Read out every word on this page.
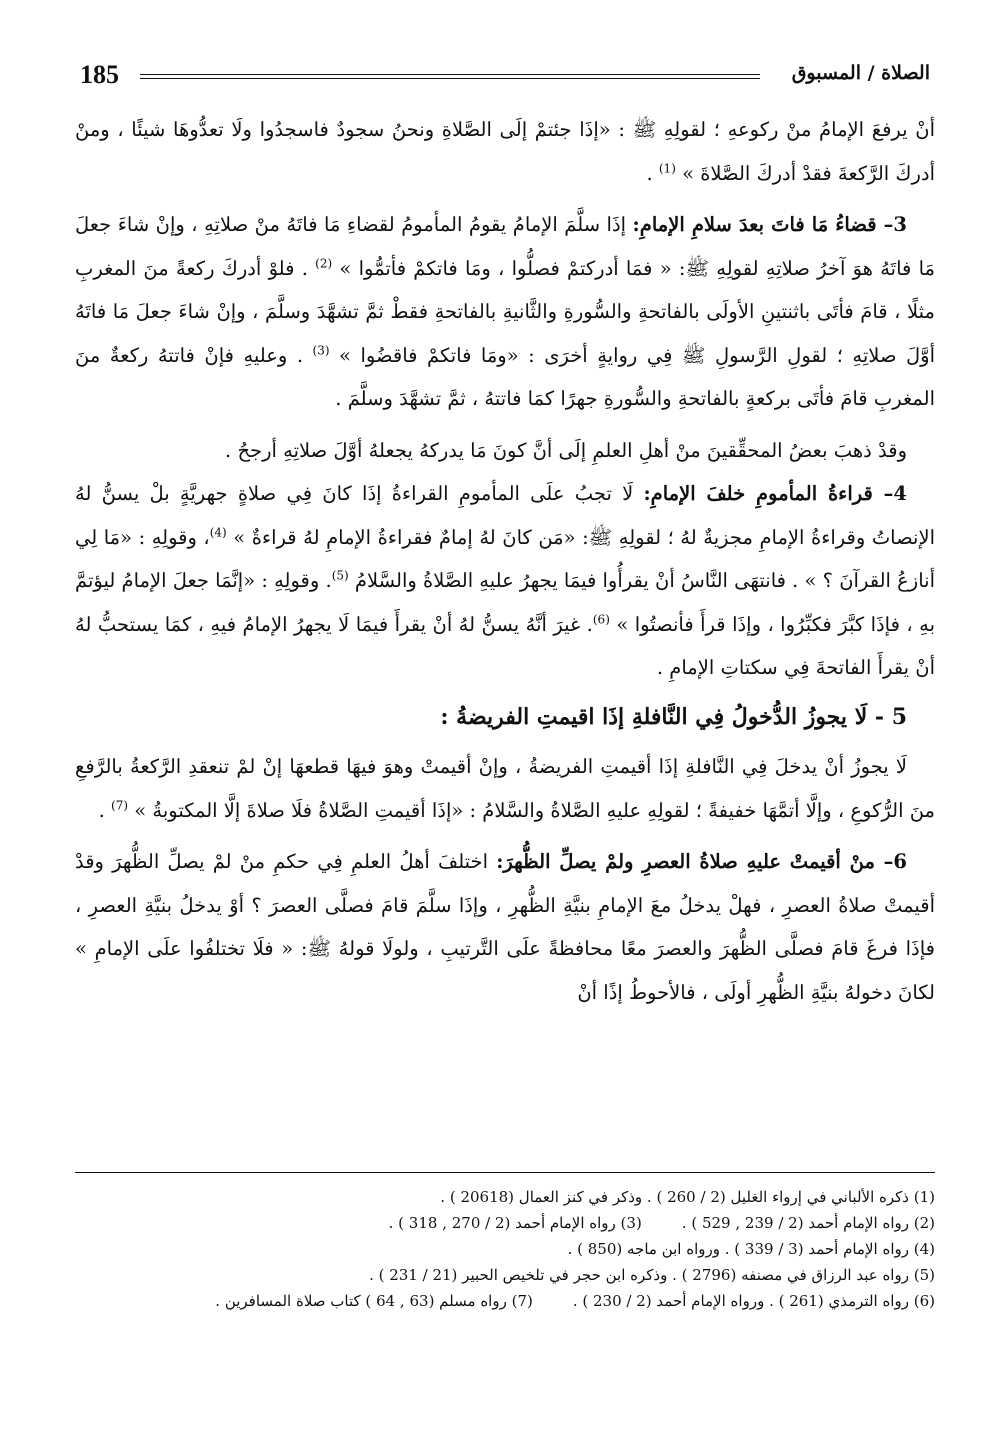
الصلاة / المسبوق
185

أنْ يرفعَ الإمامُ منْ ركوعهِ ؛ لقولِهِ ﷺ : «إذَا جئتمْ إلَى الصَّلاةِ ونحنُ سجودٌ فاسجدُوا ولَا تعدُّوهَا شيئًا ، ومنْ أدركَ الرَّكعةَ فقدْ أدركَ الصَّلاةَ » $^{(1)}$ .

3– قضاءُ مَا فاتَ بعدَ سلامِ الإمامِ: إذَا سلَّمَ الإمامُ يقومُ المأمومُ لقضاءِ مَا فاتَهُ منْ صلاتِهِ ، وإنْ شاءَ جعلَ مَا فاتَهُ هوَ آخرُ صلاتِهِ لقولِهِ ﷺ: « فمَا أدركتمْ فصلُّوا ، ومَا فاتكمْ فأتمُّوا » $^{(2)}$ . فلوْ أدركَ ركعةً منَ المغربِ مثلًا ، قامَ فأتَى باثنتينِ الأولَى بالفاتحةِ والسُّورةِ والثَّانيةِ بالفاتحةِ فقطْ ثمَّ تشهَّدَ وسلَّمَ ، وإنْ شاءَ جعلَ مَا فاتَهُ أوَّلَ صلاتِهِ ؛ لقولِ الرَّسولِ ﷺ فِي روايةٍ أخرَى : «ومَا فاتكمْ فاقضُوا » $^{(3)}$ . وعليهِ فإنْ فاتتهُ ركعةٌ منَ المغربِ قامَ فأتَى بركعةٍ بالفاتحةِ والسُّورةِ جهرًا كمَا فاتتهُ ، ثمَّ تشهَّدَ وسلَّمَ .

وقدْ ذهبَ بعضُ المحقِّقينَ منْ أهلِ العلمِ إلَى أنَّ كونَ مَا يدركهُ يجعلهُ أوَّلَ صلاتِهِ أرجحُ .

4– قراءةُ المأمومِ خلفَ الإمامِ: لَا تجبُ علَى المأمومِ القراءةُ إذَا كانَ فِي صلاةٍ جهريَّةٍ بلْ يسنُّ لهُ الإنصاتُ وقراءةُ الإمامِ مجزيةٌ لهُ ؛ لقولِهِ ﷺ: «مَن كانَ لهُ إمامٌ فقراءةُ الإمامِ لهُ قراءةٌ » $^{(4)}$، وقولِهِ : «مَا لِي أنازعُ القرآنَ ؟ » . فانتهَى النَّاسُ أنْ يقرأُوا فيمَا يجهرُ عليهِ الصَّلاةُ والسَّلامُ $^{(5)}$. وقولِهِ : «إنَّمَا جعلَ الإمامُ ليؤتمَّ بهِ ، فإذَا كبَّرَ فكبِّرُوا ، وإذَا قرأَ فأنصتُوا » $^{(6)}$. غيرَ أنَّهُ يسنُّ لهُ أنْ يقرأَ فيمَا لَا يجهرُ الإمامُ فيهِ ، كمَا يستحبُّ لهُ أنْ يقرأَ الفاتحةَ فِي سكتاتِ الإمامِ .

5 - لَا يجوزُ الدُّخولُ فِي النَّافلةِ إذَا اقيمتِ الفريضةُ :

لَا يجوزُ أنْ يدخلَ فِي النَّافلةِ إذَا أقيمتِ الفريضةُ ، وإنْ أقيمتْ وهوَ فيهَا قطعهَا إنْ لمْ تنعقدِ الرَّكعةُ بالرَّفعِ منَ الرُّكوعِ ، وإلَّا أتمَّهَا خفيفةً ؛ لقولِهِ عليهِ الصَّلاةُ والسَّلامُ : «إذَا أقيمتِ الصَّلاةُ فلَا صلاةَ إلَّا المكتوبةُ » $^{(7)}$ .

6– منْ أقيمتْ عليهِ صلاةُ العصرِ ولمْ يصلِّ الظُّهرَ: اختلفَ أهلُ العلمِ فِي حكمِ منْ لمْ يصلِّ الظُّهرَ وقدْ أقيمتْ صلاةُ العصرِ ، فهلْ يدخلُ معَ الإمامِ بنيَّةِ الظُّهرِ ، وإذَا سلَّمَ قامَ فصلَّى العصرَ ؟ أوْ يدخلُ بنيَّةِ العصرِ ، فإذَا فرغَ قامَ فصلَّى الظُّهرَ والعصرَ معًا محافظةً علَى التَّرتيبِ ، ولولَا قولهُ ﷺ: « فلَا تختلفُوا علَى الإمامِ » لكانَ دخولهُ بنيَّةِ الظُّهرِ أولَى ، فالأحوطُ إذًا أنْ

(1) ذكره الألباني في إرواء الغليل (2 / 260 ) . وذكر في كنز العمال (20618 ) .
(2) رواه الإمام أحمد (2 / 239 , 529 ) .
(3) رواه الإمام أحمد (2 / 270 , 318 ) .
(4) رواه الإمام أحمد (3 / 339 ) . ورواه ابن ماجه (850 ) .
(5) رواه عبد الرزاق في مصنفه (2796 ) . وذكره ابن حجر في تلخيص الحبير (21 / 231 ) .
(6) رواه الترمذي (261 ) . ورواه الإمام أحمد (2 / 230 ) .
(7) رواه مسلم (63 , 64 ) كتاب صلاة المسافرين .
